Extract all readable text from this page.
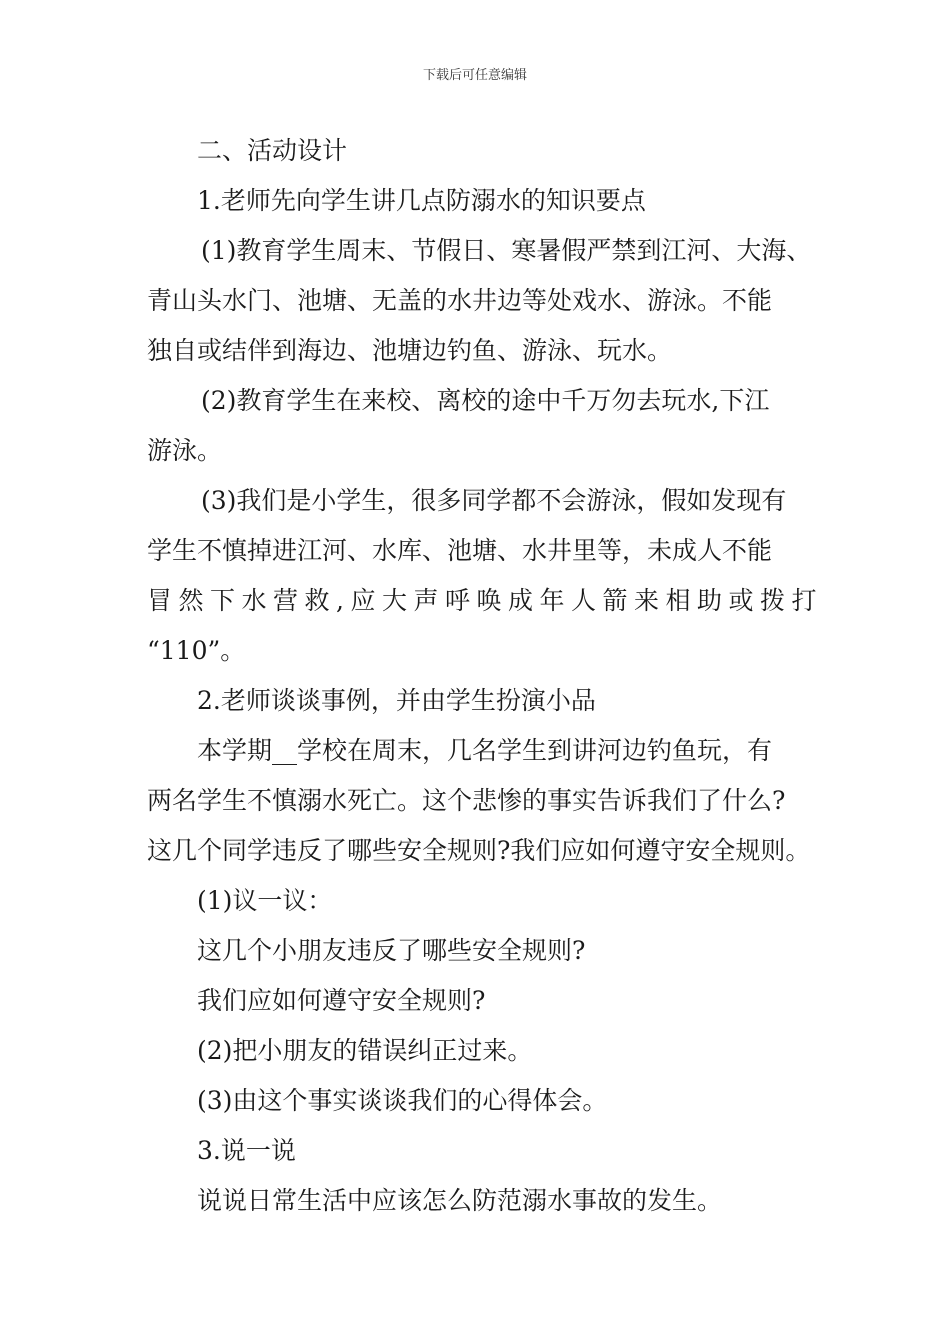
下载后可任意编辑
二、活动设计
1.老师先向学生讲几点防溺水的知识要点
(1)教育学生周末、节假日、寒暑假严禁到江河、大海、
青山头水门、池塘、无盖的水井边等处戏水、游泳。不能
独自或结伴到海边、池塘边钓鱼、游泳、玩水。
(2)教育学生在来校、离校的途中千万勿去玩水,下江
游泳。
(3)我们是小学生，很多同学都不会游泳，假如发现有
学生不慎掉进江河、水库、池塘、水井里等，未成人不能
冒然下水营救,应大声呼唤成年人箭来相助或拨打
“110”。
2.老师谈谈事例，并由学生扮演小品
本学期__学校在周末，几名学生到讲河边钓鱼玩，有
两名学生不慎溺水死亡。这个悲惨的事实告诉我们了什么?
这几个同学违反了哪些安全规则?我们应如何遵守安全规则。
(1)议一议：
这几个小朋友违反了哪些安全规则?
我们应如何遵守安全规则?
(2)把小朋友的错误纠正过来。
(3)由这个事实谈谈我们的心得体会。
3.说一说
说说日常生活中应该怎么防范溺水事故的发生。
